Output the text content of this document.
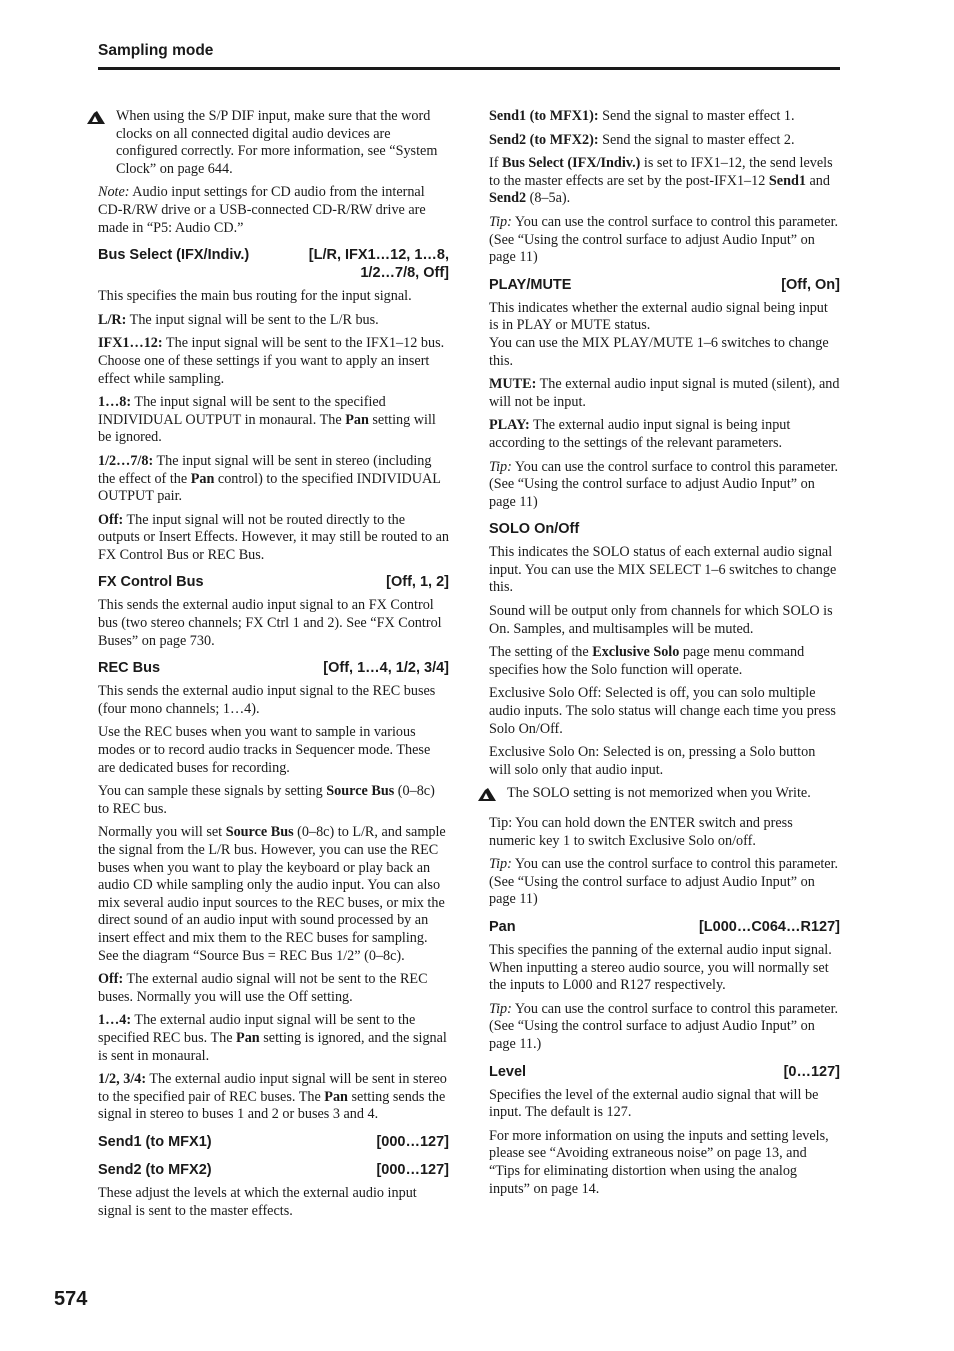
Sampling mode
When using the S/P DIF input, make sure that the word clocks on all connected digital audio devices are configured correctly. For more information, see “System Clock” on page 644.

Note: Audio input settings for CD audio from the internal CD-R/RW drive or a USB-connected CD-R/RW drive are made in “P5: Audio CD.”

Bus Select (IFX/Indiv.)	[L/R, IFX1…12, 1…8, 1/2…7/8, Off]

This specifies the main bus routing for the input signal.

L/R: The input signal will be sent to the L/R bus.

IFX1…12: The input signal will be sent to the IFX1–12 bus. Choose one of these settings if you want to apply an insert effect while sampling.

1…8: The input signal will be sent to the specified INDIVIDUAL OUTPUT in monaural. The Pan setting will be ignored.

1/2…7/8: The input signal will be sent in stereo (including the effect of the Pan control) to the specified INDIVIDUAL OUTPUT pair.

Off: The input signal will not be routed directly to the outputs or Insert Effects. However, it may still be routed to an FX Control Bus or REC Bus.

FX Control Bus	[Off, 1, 2]

This sends the external audio input signal to an FX Control bus (two stereo channels; FX Ctrl 1 and 2). See “FX Control Buses” on page 730.

REC Bus	[Off, 1…4, 1/2, 3/4]

This sends the external audio input signal to the REC buses (four mono channels; 1…4).

Use the REC buses when you want to sample in various modes or to record audio tracks in Sequencer mode. These are dedicated buses for recording.

You can sample these signals by setting Source Bus (0–8c) to REC bus.

Normally you will set Source Bus (0–8c) to L/R, and sample the signal from the L/R bus. However, you can use the REC buses when you want to play the keyboard or play back an audio CD while sampling only the audio input. You can also mix several audio input sources to the REC buses, or mix the direct sound of an audio input with sound processed by an insert effect and mix them to the REC buses for sampling. See the diagram “Source Bus = REC Bus 1/2” (0–8c).

Off: The external audio signal will not be sent to the REC buses. Normally you will use the Off setting.

1…4: The external audio input signal will be sent to the specified REC bus. The Pan setting is ignored, and the signal is sent in monaural.

1/2, 3/4: The external audio input signal will be sent in stereo to the specified pair of REC buses. The Pan setting sends the signal in stereo to buses 1 and 2 or buses 3 and 4.

Send1 (to MFX1)	[000…127]
Send2 (to MFX2)	[000…127]

These adjust the levels at which the external audio input signal is sent to the master effects.

Send1 (to MFX1): Send the signal to master effect 1.

Send2 (to MFX2): Send the signal to master effect 2.

If Bus Select (IFX/Indiv.) is set to IFX1–12, the send levels to the master effects are set by the post-IFX1–12 Send1 and Send2 (8–5a).

Tip: You can use the control surface to control this parameter. (See “Using the control surface to adjust Audio Input” on page 11)

PLAY/MUTE	[Off, On]

This indicates whether the external audio signal being input is in PLAY or MUTE status.
You can use the MIX PLAY/MUTE 1–6 switches to change this.

MUTE: The external audio input signal is muted (silent), and will not be input.

PLAY: The external audio input signal is being input according to the settings of the relevant parameters.

Tip: You can use the control surface to control this parameter. (See “Using the control surface to adjust Audio Input” on page 11)

SOLO On/Off

This indicates the SOLO status of each external audio signal input. You can use the MIX SELECT 1–6 switches to change this.

Sound will be output only from channels for which SOLO is On. Samples, and multisamples will be muted.

The setting of the Exclusive Solo page menu command specifies how the Solo function will operate.

Exclusive Solo Off: Selected is off, you can solo multiple audio inputs. The solo status will change each time you press Solo On/Off.

Exclusive Solo On: Selected is on, pressing a Solo button will solo only that audio input.

The SOLO setting is not memorized when you Write.

Tip: You can hold down the ENTER switch and press numeric key 1 to switch Exclusive Solo on/off.

Tip: You can use the control surface to control this parameter. (See “Using the control surface to adjust Audio Input” on page 11)

Pan	[L000…C064…R127]

This specifies the panning of the external audio input signal. When inputting a stereo audio source, you will normally set the inputs to L000 and R127 respectively.

Tip: You can use the control surface to control this parameter. (See “Using the control surface to adjust Audio Input” on page 11.)

Level	[0…127]

Specifies the level of the external audio signal that will be input. The default is 127.

For more information on using the inputs and setting levels, please see “Avoiding extraneous noise” on page 13, and “Tips for eliminating distortion when using the analog inputs” on page 14.

574
